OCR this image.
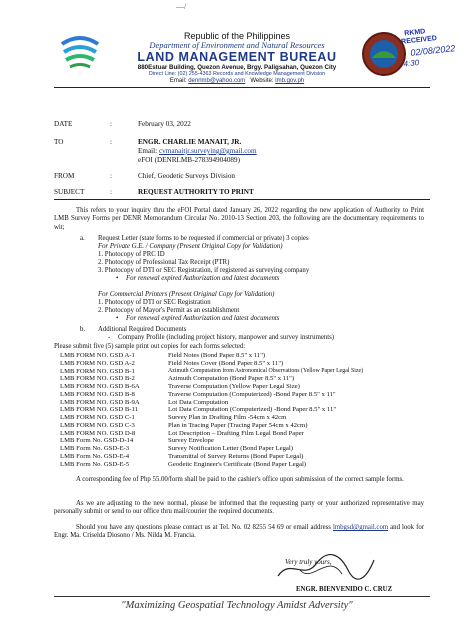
—/
RKMD
RECEIVED
02/08/2022
4:30
Republic of the Philippines
Department of Environment and Natural Resources
LAND MANAGEMENT BUREAU
880Estuar Building, Quezon Avenue, Brgy. Paligsahan, Quezon City
Direct Line: (02) 255-4363 Records and Knowledge Management Division
Email: denrlmb@yahoo.com Website: lmb.gov.ph
DATE	:	February 03, 2022
TO	:	ENGR. CHARLIE MANAIT, JR.
Email: cvmanaitjr.surveying@gmail.com
eFOI (DENRLMB-278394904089)
FROM	:	Chief, Geodetic Surveys Division
SUBJECT	:	REQUEST AUTHORITY TO PRINT
This refers to your inquiry thru the eFOI Portal dated January 26, 2022 regarding the new application of Authority to Print LMB Survey Forms per DENR Memorandum Circular No. 2010-13 Section 203, the following are the documentary requirements to wit;
a. Request Letter (state forms to be requested if commercial or private) 3 copies
For Private G.E. / Company (Present Original Copy for Validation)
1. Photocopy of PRC ID
2. Photocopy of Professional Tax Receipt (PTR)
3. Photocopy of DTI or SEC Registration, if registered as surveying company
• For renewal expired Authorization and latest documents
For Commercial Printers (Present Original Copy for Validation)
1. Photocopy of DTI or SEC Registration
2. Photocopy of Mayor's Permit as an establishment
• For renewal expired Authorization and latest documents
b. Additional Required Documents
- Company Profile (including project history, manpower and survey instruments)
Please submit five (5) sample print out copies for each forms selected:
LMB FORM NO. GSD A-1	Field Notes (Bond Paper 8.5" x 11")
LMB FORM NO. GSD A-2	Field Notes Cover (Bond Paper 8.5" x 11")
LMB FORM NO. GSD B-1	Azimuth Computation from Astronomical Observations (Yellow Paper Legal Size)
LMB FORM NO. GSD B-2	Azimuth Computation (Bond Paper 8.5" x 11")
LMB FORM NO. GSD B-6A	Traverse Computation (Yellow Paper Legal Size)
LMB FORM NO. GSD B-8	Traverse Computation (Computerized) -Bond Paper 8.5" x 11"
LMB FORM NO. GSD B-9A	Lot Data Computation
LMB FORM NO. GSD B-11	Lot Data Computation (Computerized) -Bond Paper 8.5" x 11"
LMB FORM NO. GSD C-1	Survey Plan in Drafting Film -54cm x 42cm
LMB FORM NO. GSD C-3	Plan in Tracing Paper (Tracing Paper 54cm x 42cm)
LMB FORM NO. GSD D-8	Lot Description – Drafting Film Legal Bond Paper
LMB Form No. GSD-D-14	Survey Envelope
LMB Form No. GSD-E-3	Survey Notification Letter (Bond Paper Legal)
LMB Form No. GSD-E-4	Transmittal of Survey Returns (Bond Paper Legal)
LMB Form No. GSD-E-5	Geodetic Engineer's Certificate (Bond Paper Legal)
A corresponding fee of Php 55.00/form shall be paid to the cashier's office upon submission of the correct sample forms.
As we are adjusting to the new normal, please be informed that the requesting party or your authorized representative may personally submit or send to our office thru mail/courier the required documents.
Should you have any questions please contact us at Tel. No. 02 8255 54 69 or email address lmbgsd@gmail.com and look for Engr. Ma. Criselda Diosono / Ms. Nilda M. Francia.
Very truly yours,
ENGR. BIENVENIDO C. CRUZ
"Maximizing Geospatial Technology Amidst Adversity"
